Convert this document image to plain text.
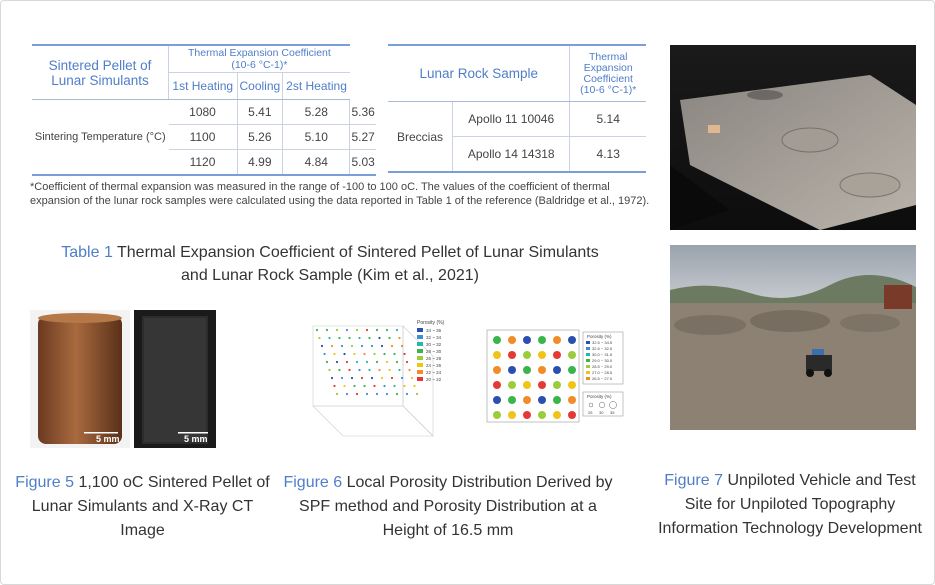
Sintered Pellet of Lunar Simulants	Thermal Expansion Coefficient
(10-6 °C-1)*			

	1st Heating	Cooling	2st Heating	
Sintering Temperature (°C)	1080	5.41	5.28	5.36
	1100	5.26	5.10	5.27
	1120	4.99	4.84	5.03
Lunar Rock Sample		Thermal Expansion Coefficient
(10-6 °C-1)*

Breccias	Apollo 11 10046	5.14
	Apollo 14 14318	4.13
*Coefficient of thermal expansion was measured in the range of -100 to 100 oC. The values of the coefficient of thermal expansion of the lunar rock samples were calculated using the data reported in Table 1 of the reference (Baldridge et al., 1972).
Table 1 Thermal Expansion Coefficient of Sintered Pellet of Lunar Simulants and Lunar Rock Sample (Kim et al., 2021)
Figure 7 Unpiloted Vehicle and Test Site for Unpiloted Topography Information Technology Development
5 mm	5 mm
Figure 5 1,100 oC Sintered Pellet of Lunar Simulants and X-Ray CT Image
Porosity (%)
34 ~ 36
32 ~ 34
30 ~ 32
28 ~ 30
26 ~ 28
24 ~ 26
22 ~ 24
20 ~ 22
Porosity (%)
32.5 ~ 34.5
32.5 ~ 32.5
30.0 ~ 31.5
29.0 ~ 30.0
28.5 ~ 29.0
27.0 ~ 28.5
26.5 ~ 27.0
Porosity (%)
25 30 35
Figure 6 Local Porosity Distribution Derived by SPF method and Porosity Distribution at a Height of 16.5 mm
